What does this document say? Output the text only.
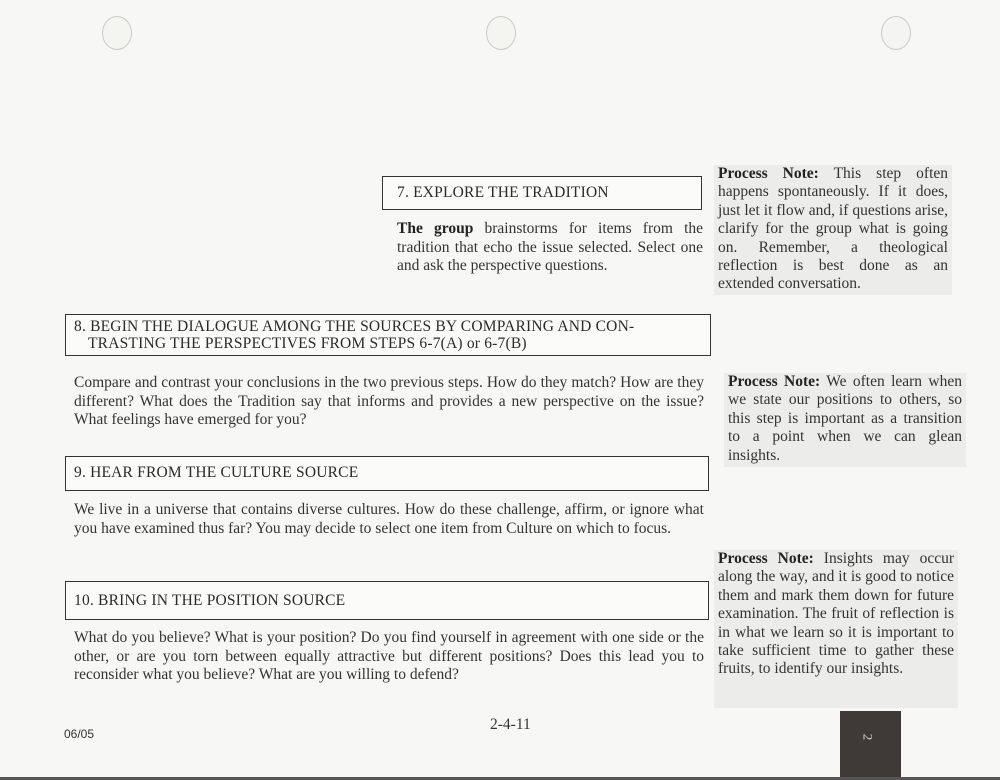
7. EXPLORE THE TRADITION
The group brainstorms for items from the tradition that echo the issue selected. Select one and ask the perspective questions.
Process Note: This step often happens spontaneously. If it does, just let it flow and, if questions arise, clarify for the group what is going on. Remember, a theological reflection is best done as an extended conversation.
8. BEGIN THE DIALOGUE AMONG THE SOURCES BY COMPARING AND CON-
TRASTING THE PERSPECTIVES FROM STEPS 6-7(A) or 6-7(B)
Compare and contrast your conclusions in the two previous steps. How do they match? How are they different? What does the Tradition say that informs and provides a new perspective on the issue? What feelings have emerged for you?
Process Note: We often learn when we state our positions to others, so this step is important as a transition to a point when we can glean insights.
9. HEAR FROM THE CULTURE SOURCE
We live in a universe that contains diverse cultures. How do these challenge, affirm, or ignore what you have examined thus far? You may decide to select one item from Culture on which to focus.
Process Note: Insights may occur along the way, and it is good to notice them and mark them down for future examination. The fruit of reflection is in what we learn so it is important to take sufficient time to gather these fruits, to identify our insights.
10. BRING IN THE POSITION SOURCE
What do you believe? What is your position? Do you find yourself in agreement with one side or the other, or are you torn between equally attractive but different positions? Does this lead you to reconsider what you believe? What are you willing to defend?
06/05
2-4-11
2
